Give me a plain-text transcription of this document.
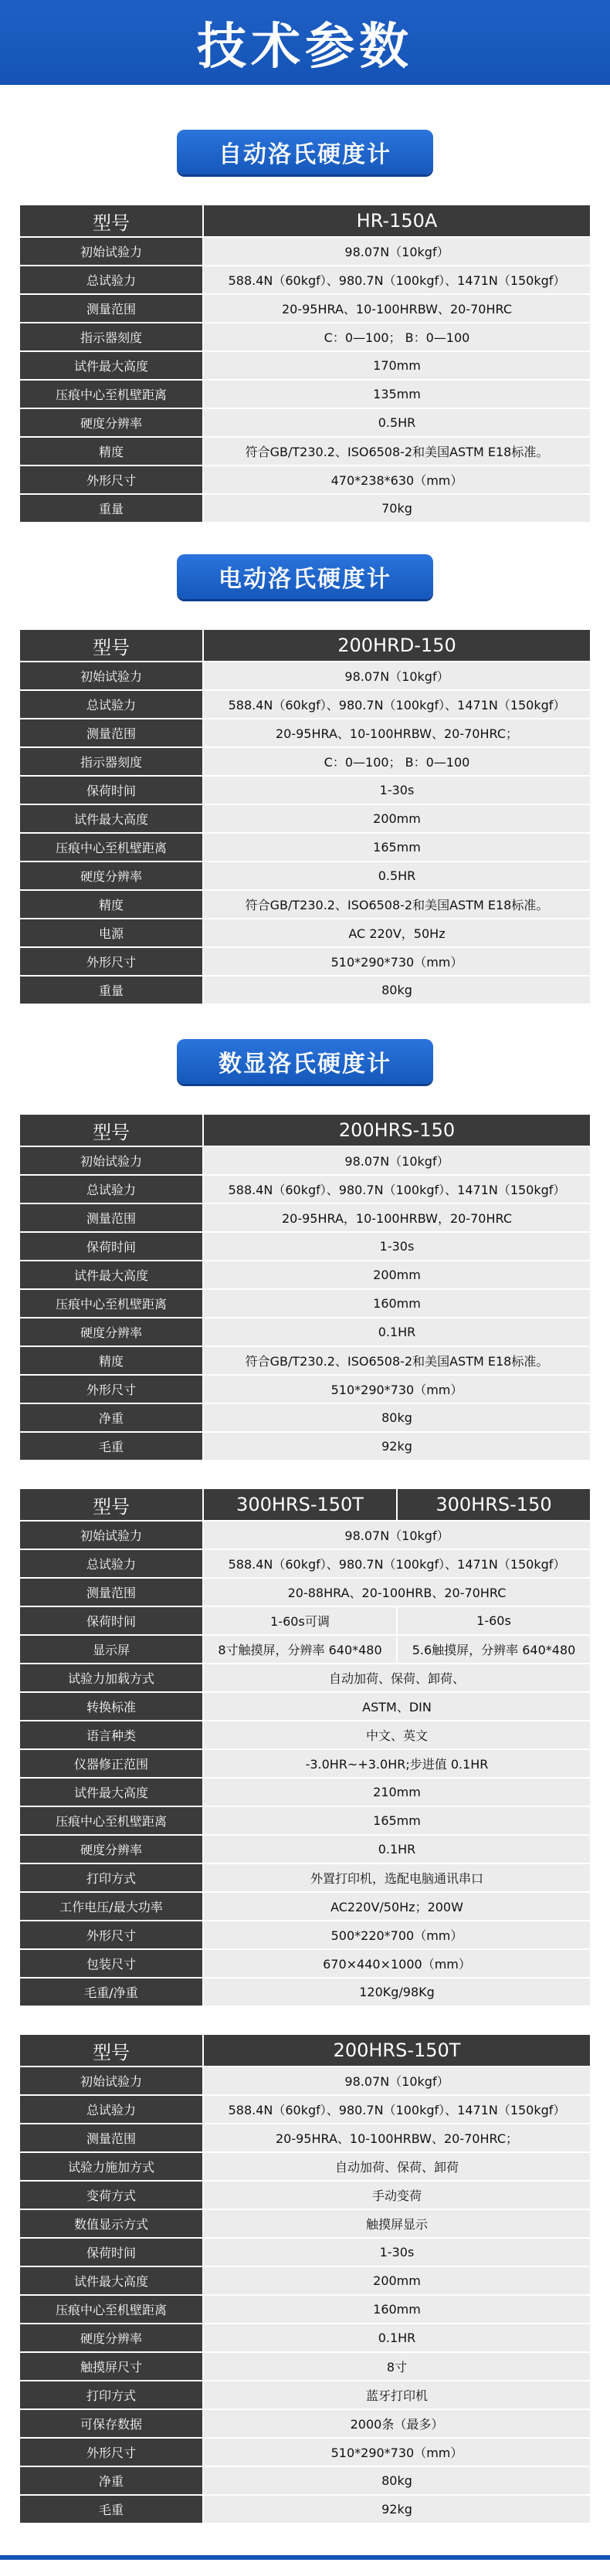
技术参数
自动洛氏硬度计
型号	HR-150A
初始试验力	98.07N（10kgf）
总试验力	588.4N（60kgf）、980.7N（100kgf）、1471N（150kgf）
测量范围	20-95HRA、10-100HRBW、20-70HRC
指示器刻度	C：0—100； B：0—100
试件最大高度	170mm
压痕中心至机壁距离	135mm
硬度分辨率	0.5HR
精度	符合GB/T230.2、ISO6508-2和美国ASTM E18标准。
外形尺寸	470*238*630（mm）
重量	70kg
电动洛氏硬度计
型号	200HRD-150
初始试验力	98.07N（10kgf）
总试验力	588.4N（60kgf）、980.7N（100kgf）、1471N（150kgf）
测量范围	20-95HRA、10-100HRBW、20-70HRC；
指示器刻度	C：0—100； B：0—100
保荷时间	1-30s
试件最大高度	200mm
压痕中心至机壁距离	165mm
硬度分辨率	0.5HR
精度	符合GB/T230.2、ISO6508-2和美国ASTM E18标准。
电源	AC 220V，50Hz
外形尺寸	510*290*730（mm）
重量	80kg
数显洛氏硬度计
型号	200HRS-150
初始试验力	98.07N（10kgf）
总试验力	588.4N（60kgf）、980.7N（100kgf）、1471N（150kgf）
测量范围	20-95HRA，10-100HRBW，20-70HRC
保荷时间	1-30s
试件最大高度	200mm
压痕中心至机壁距离	160mm
硬度分辨率	0.1HR
精度	符合GB/T230.2、ISO6508-2和美国ASTM E18标准。
外形尺寸	510*290*730（mm）
净重	80kg
毛重	92kg
型号	300HRS-150T	300HRS-150
初始试验力	98.07N（10kgf）	
总试验力	588.4N（60kgf）、980.7N（100kgf）、1471N（150kgf）	
测量范围	20-88HRA、20-100HRB、20-70HRC	
保荷时间	1-60s可调	1-60s
显示屏	8寸触摸屏，分辨率 640*480	5.6触摸屏，分辨率 640*480
试验力加载方式	自动加荷、保荷、卸荷、	
转换标准	ASTM、DIN	
语言种类	中文、英文	
仪器修正范围	-3.0HR~+3.0HR;步进值 0.1HR	
试件最大高度	210mm	
压痕中心至机壁距离	165mm	
硬度分辨率	0.1HR	
打印方式	外置打印机，选配电脑通讯串口	
工作电压/最大功率	AC220V/50Hz；200W	
外形尺寸	500*220*700（mm）	
包装尺寸	670×440×1000（mm）	
毛重/净重	120Kg/98Kg	
型号	200HRS-150T
初始试验力	98.07N（10kgf）
总试验力	588.4N（60kgf）、980.7N（100kgf）、1471N（150kgf）
测量范围	20-95HRA、10-100HRBW、20-70HRC；
试验力施加方式	自动加荷、保荷、卸荷
变荷方式	手动变荷
数值显示方式	触摸屏显示
保荷时间	1-30s
试件最大高度	200mm
压痕中心至机壁距离	160mm
硬度分辨率	0.1HR
触摸屏尺寸	8寸
打印方式	蓝牙打印机
可保存数据	2000条（最多）
外形尺寸	510*290*730（mm）
净重	80kg
毛重	92kg
